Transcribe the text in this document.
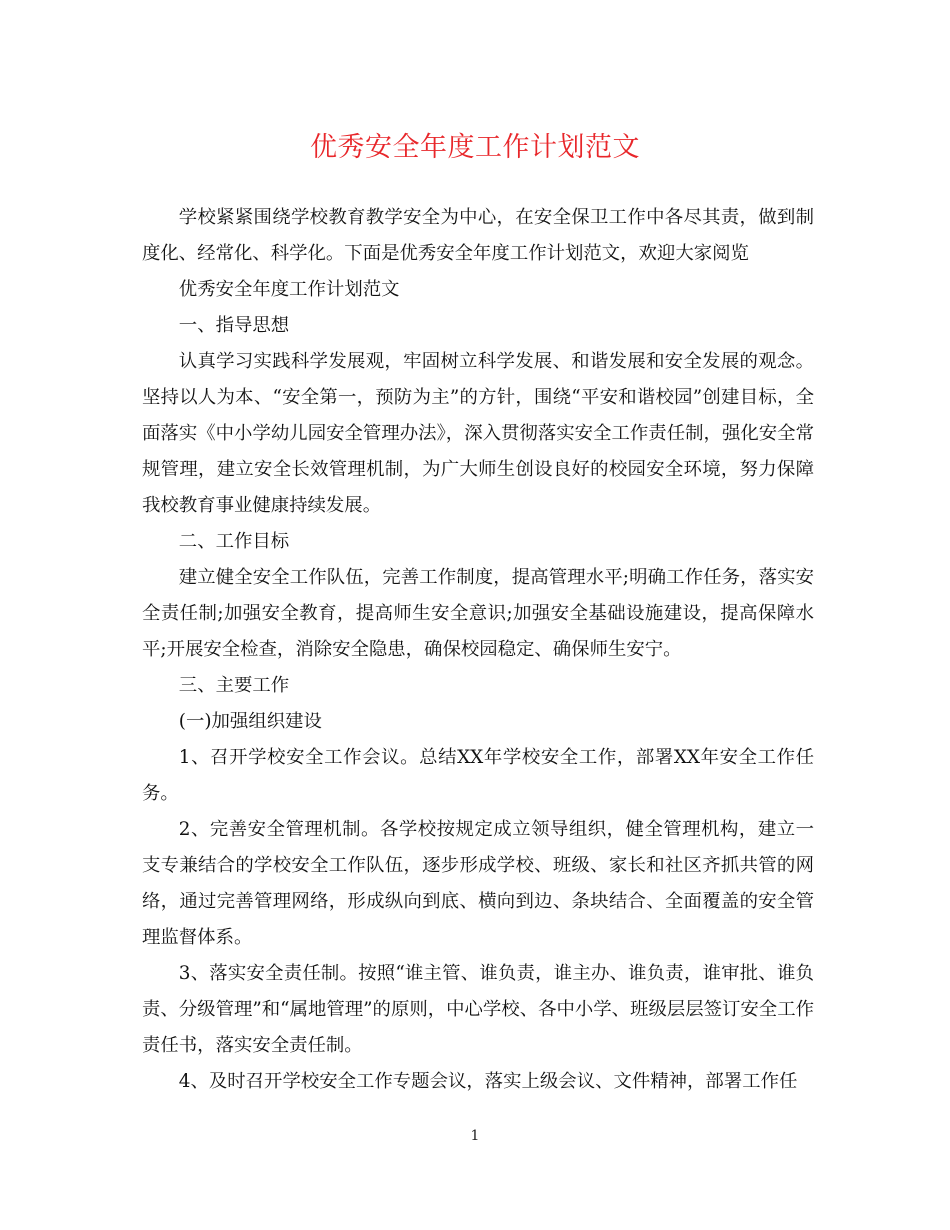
优秀安全年度工作计划范文

学校紧紧围绕学校教育教学安全为中心，在安全保卫工作中各尽其责，做到制度化、经常化、科学化。下面是优秀安全年度工作计划范文，欢迎大家阅览

优秀安全年度工作计划范文

一、指导思想

认真学习实践科学发展观，牢固树立科学发展、和谐发展和安全发展的观念。坚持以人为本、“安全第一，预防为主”的方针，围绕“平安和谐校园”创建目标，全面落实《中小学幼儿园安全管理办法》，深入贯彻落实安全工作责任制，强化安全常规管理，建立安全长效管理机制，为广大师生创设良好的校园安全环境，努力保障我校教育事业健康持续发展。

二、工作目标

建立健全安全工作队伍，完善工作制度，提高管理水平;明确工作任务，落实安全责任制;加强安全教育，提高师生安全意识;加强安全基础设施建设，提高保障水平;开展安全检查，消除安全隐患，确保校园稳定、确保师生安宁。

三、主要工作

(一)加强组织建设

1、召开学校安全工作会议。总结XX年学校安全工作，部署XX年安全工作任务。

2、完善安全管理机制。各学校按规定成立领导组织，健全管理机构，建立一支专兼结合的学校安全工作队伍，逐步形成学校、班级、家长和社区齐抓共管的网络，通过完善管理网络，形成纵向到底、横向到边、条块结合、全面覆盖的安全管理监督体系。

3、落实安全责任制。按照“谁主管、谁负责，谁主办、谁负责，谁审批、谁负责、分级管理”和“属地管理”的原则，中心学校、各中小学、班级层层签订安全工作责任书，落实安全责任制。

4、及时召开学校安全工作专题会议，落实上级会议、文件精神，部署工作任

1
